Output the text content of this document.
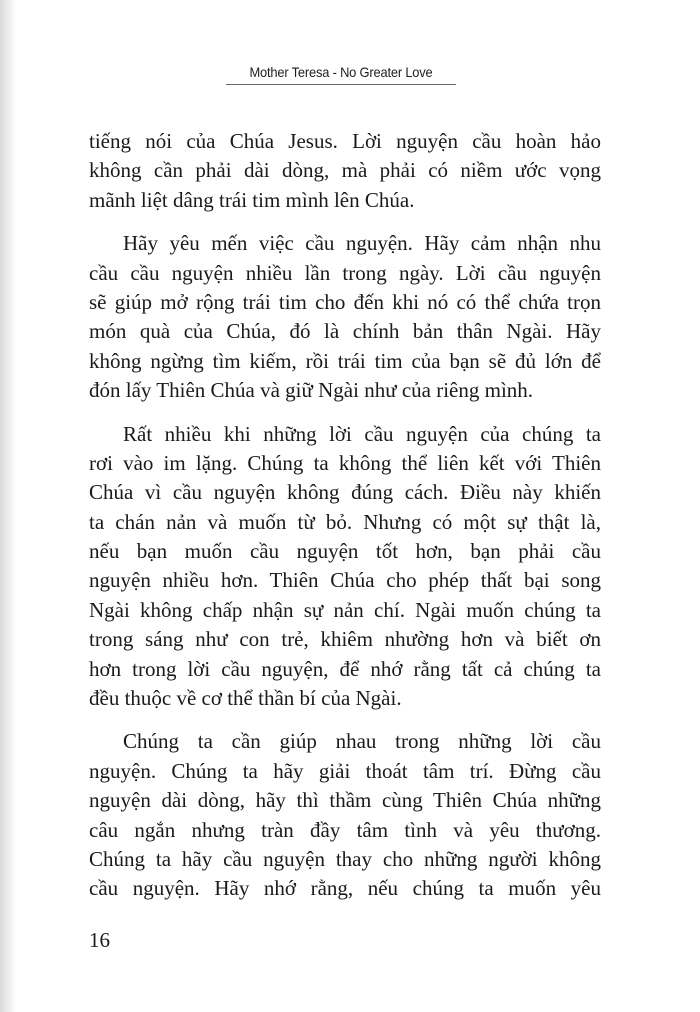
Mother Teresa - No Greater Love

tiếng nói của Chúa Jesus. Lời nguyện cầu hoàn hảo
không cần phải dài dòng, mà phải có niềm ước vọng
mãnh liệt dâng trái tim mình lên Chúa.

Hãy yêu mến việc cầu nguyện. Hãy cảm nhận nhu
cầu cầu nguyện nhiều lần trong ngày. Lời cầu nguyện
sẽ giúp mở rộng trái tim cho đến khi nó có thể chứa trọn
món quà của Chúa, đó là chính bản thân Ngài. Hãy
không ngừng tìm kiếm, rồi trái tim của bạn sẽ đủ lớn để
đón lấy Thiên Chúa và giữ Ngài như của riêng mình.

Rất nhiều khi những lời cầu nguyện của chúng ta
rơi vào im lặng. Chúng ta không thể liên kết với Thiên
Chúa vì cầu nguyện không đúng cách. Điều này khiến
ta chán nản và muốn từ bỏ. Nhưng có một sự thật là,
nếu bạn muốn cầu nguyện tốt hơn, bạn phải cầu
nguyện nhiều hơn. Thiên Chúa cho phép thất bại song
Ngài không chấp nhận sự nản chí. Ngài muốn chúng ta
trong sáng như con trẻ, khiêm nhường hơn và biết ơn
hơn trong lời cầu nguyện, để nhớ rằng tất cả chúng ta
đều thuộc về cơ thể thần bí của Ngài.

Chúng ta cần giúp nhau trong những lời cầu
nguyện. Chúng ta hãy giải thoát tâm trí. Đừng cầu
nguyện dài dòng, hãy thì thầm cùng Thiên Chúa những
câu ngắn nhưng tràn đầy tâm tình và yêu thương.
Chúng ta hãy cầu nguyện thay cho những người không
cầu nguyện. Hãy nhớ rằng, nếu chúng ta muốn yêu

16
